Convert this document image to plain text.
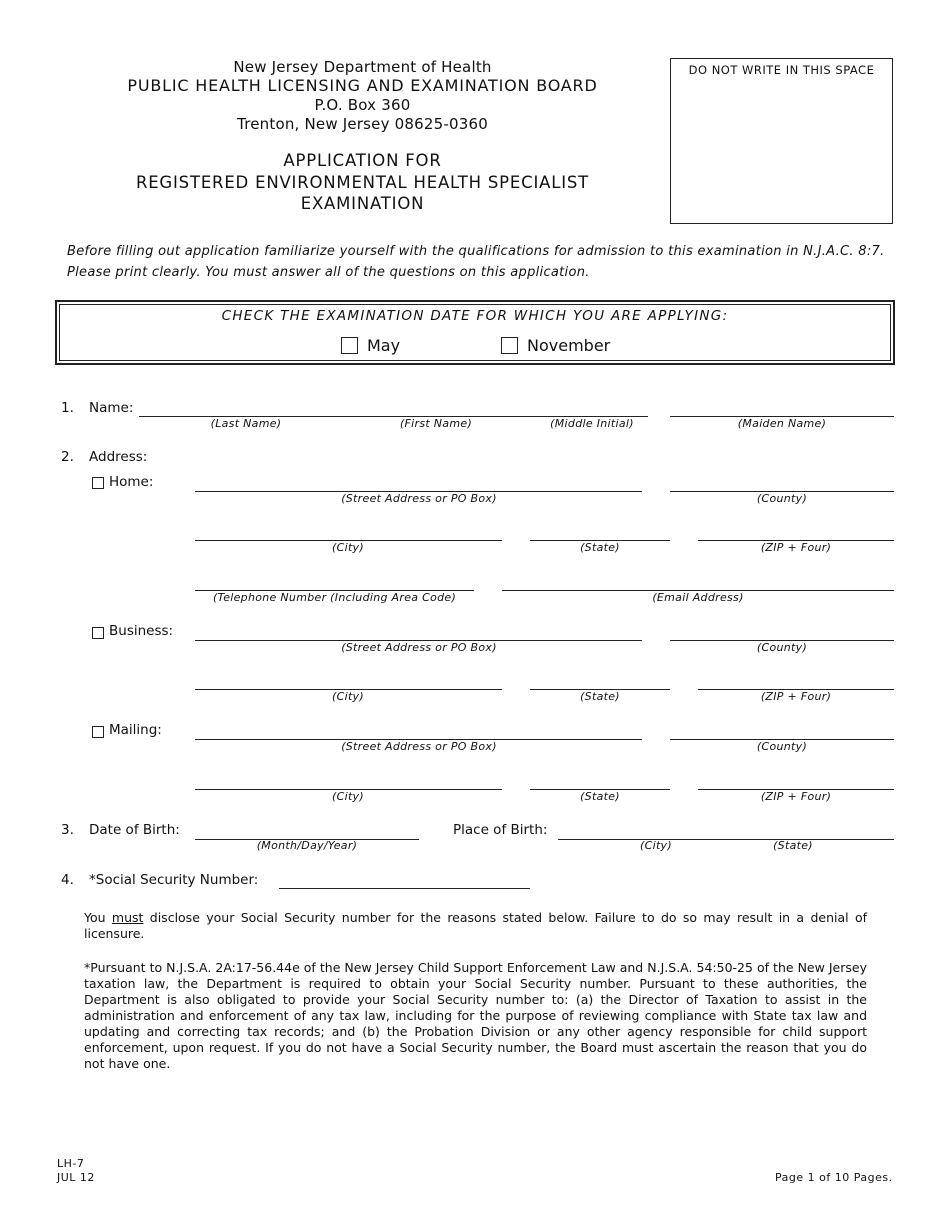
New Jersey Department of Health
PUBLIC HEALTH LICENSING AND EXAMINATION BOARD
P.O. Box 360
Trenton, New Jersey 08625-0360
APPLICATION FOR
REGISTERED ENVIRONMENTAL HEALTH SPECIALIST
EXAMINATION
DO NOT WRITE IN THIS SPACE
Before filling out application familiarize yourself with the qualifications for admission to this examination in N.J.A.C. 8:7.
Please print clearly. You must answer all of the questions on this application.
CHECK THE EXAMINATION DATE FOR WHICH YOU ARE APPLYING:
May	November
1. Name:
(Last Name)	(First Name)	(Middle Initial)	(Maiden Name)
2. Address:
Home:
(Street Address or PO Box)	(County)
(City)	(State)	(ZIP + Four)
(Telephone Number (Including Area Code)	(Email Address)
Business:
(Street Address or PO Box)	(County)
(City)	(State)	(ZIP + Four)
Mailing:
(Street Address or PO Box)	(County)
(City)	(State)	(ZIP + Four)
3. Date of Birth:
(Month/Day/Year)
Place of Birth:
(City)	(State)
4. *Social Security Number:
You must disclose your Social Security number for the reasons stated below. Failure to do so may result in a denial of licensure.
*Pursuant to N.J.S.A. 2A:17-56.44e of the New Jersey Child Support Enforcement Law and N.J.S.A. 54:50-25 of the New Jersey taxation law, the Department is required to obtain your Social Security number. Pursuant to these authorities, the Department is also obligated to provide your Social Security number to: (a) the Director of Taxation to assist in the administration and enforcement of any tax law, including for the purpose of reviewing compliance with State tax law and updating and correcting tax records; and (b) the Probation Division or any other agency responsible for child support enforcement, upon request. If you do not have a Social Security number, the Board must ascertain the reason that you do not have one.
LH-7
JUL 12	Page 1 of 10 Pages.
